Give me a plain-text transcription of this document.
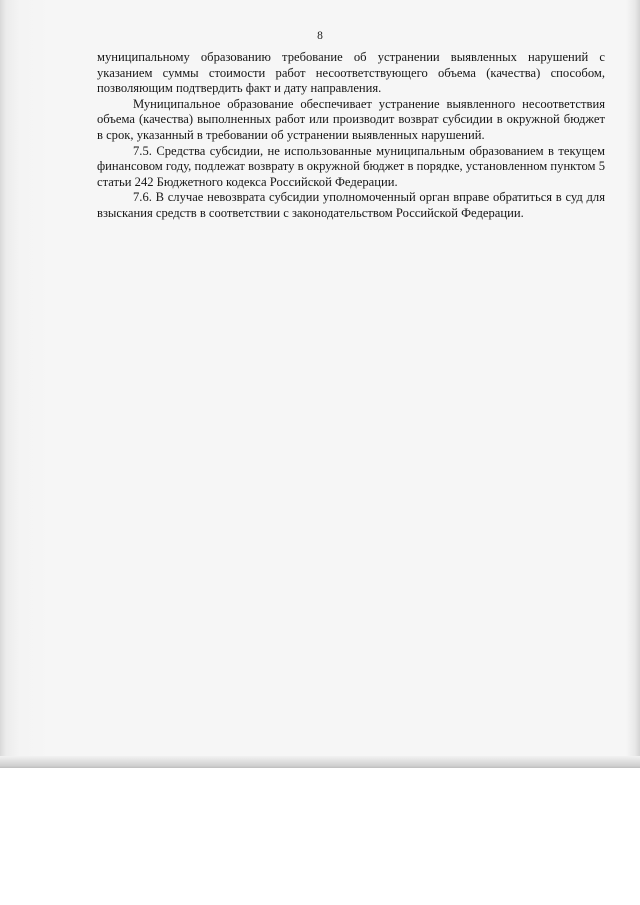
8

муниципальному образованию требование об устранении выявленных нарушений с указанием суммы стоимости работ несоответствующего объема (качества) способом, позволяющим подтвердить факт и дату направления.

Муниципальное образование обеспечивает устранение выявленного несоответствия объема (качества) выполненных работ или производит возврат субсидии в окружной бюджет в срок, указанный в требовании об устранении выявленных нарушений.

7.5. Средства субсидии, не использованные муниципальным образованием в текущем финансовом году, подлежат возврату в окружной бюджет в порядке, установленном пунктом 5 статьи 242 Бюджетного кодекса Российской Федерации.

7.6. В случае невозврата субсидии уполномоченный орган вправе обратиться в суд для взыскания средств в соответствии с законодательством Российской Федерации.
